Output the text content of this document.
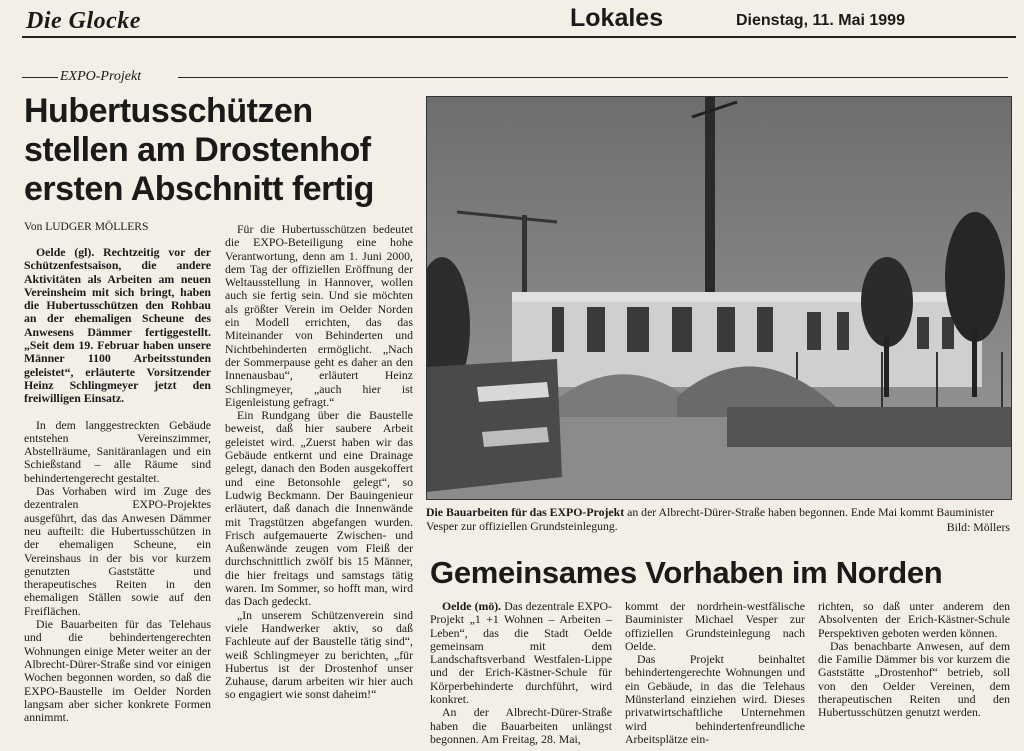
Die Glocke	Lokales	Dienstag, 11. Mai 1999
EXPO-Projekt
Hubertusschützen stellen am Drostenhof ersten Abschnitt fertig
Von LUDGER MÖLLERS

Oelde (gl). Rechtzeitig vor der Schützenfestsaison, die andere Aktivitäten als Arbeiten am neuen Vereinsheim mit sich bringt, haben die Hubertusschützen den Rohbau an der ehemaligen Scheune des Anwesens Dämmer fertiggestellt. „Seit dem 19. Februar haben unsere Männer 1100 Arbeitsstunden geleistet“, erläuterte Vorsitzender Heinz Schlingmeyer jetzt den freiwilligen Einsatz.

In dem langgestreckten Gebäude entstehen Vereinszimmer, Abstellräume, Sanitäranlagen und ein Schießstand – alle Räume sind behindertengerecht gestaltet.

Das Vorhaben wird im Zuge des dezentralen EXPO-Projektes ausgeführt, das das Anwesen Dämmer neu aufteilt: die Hubertusschützen in der ehemaligen Scheune, ein Vereinshaus in der bis vor kurzem genutzten Gaststätte und therapeutisches Reiten in den ehemaligen Ställen sowie auf den Freiflächen.

Die Bauarbeiten für das Telehaus und die behindertengerechten Wohnungen einige Meter weiter an der Albrecht-Dürer-Straße sind vor einigen Wochen begonnen worden, so daß die EXPO-Baustelle im Oelder Norden langsam aber sicher konkrete Formen annimmt.

Für die Hubertusschützen bedeutet die EXPO-Beteiligung eine hohe Verantwortung, denn am 1. Juni 2000, dem Tag der offiziellen Eröffnung der Weltausstellung in Hannover, wollen auch sie fertig sein. Und sie möchten als größter Verein im Oelder Norden ein Modell errichten, das das Miteinander von Behinderten und Nichtbehinderten ermöglicht. „Nach der Sommerpause geht es daher an den Innenausbau“, erläutert Heinz Schlingmeyer, „auch hier ist Eigenleistung gefragt.“

Ein Rundgang über die Baustelle beweist, daß hier saubere Arbeit geleistet wird. „Zuerst haben wir das Gebäude entkernt und eine Drainage gelegt, danach den Boden ausgekoffert und eine Betonsohle gelegt“, so Ludwig Beckmann. Der Bauingenieur erläutert, daß danach die Innenwände mit Tragstützen abgefangen wurden. Frisch aufgemauerte Zwischen- und Außenwände zeugen vom Fleiß der durchschnittlich zwölf bis 15 Männer, die hier freitags und samstags tätig waren. Im Sommer, so hofft man, wird das Dach gedeckt.

„In unserem Schützenverein sind viele Handwerker aktiv, so daß Fachleute auf der Baustelle tätig sind“, weiß Schlingmeyer zu berichten, „für Hubertus ist der Drostenhof unser Zuhause, darum arbeiten wir hier auch so engagiert wie sonst daheim!“

Die Bauarbeiten für das EXPO-Projekt an der Albrecht-Dürer-Straße haben begonnen. Ende Mai kommt Bauminister Vesper zur offiziellen Grundsteinlegung.	Bild: Möllers
Gemeinsames Vorhaben im Norden

Oelde (mö). Das dezentrale EXPO-Projekt „1 +1 Wohnen – Arbeiten – Leben“, das die Stadt Oelde gemeinsam mit dem Landschaftsverband Westfalen-Lippe und der Erich-Kästner-Schule für Körperbehinderte durchführt, wird konkret.

An der Albrecht-Dürer-Straße haben die Bauarbeiten unlängst begonnen. Am Freitag, 28. Mai,

kommt der nordrhein-westfälische Bauminister Michael Vesper zur offiziellen Grundsteinlegung nach Oelde.

Das Projekt beinhaltet behindertengerechte Wohnungen und ein Gebäude, in das die Telehaus Münsterland einziehen wird. Dieses privatwirtschaftliche Unternehmen wird behindertenfreundliche Arbeitsplätze ein-

richten, so daß unter anderem den Absolventen der Erich-Kästner-Schule Perspektiven geboten werden können.

Das benachbarte Anwesen, auf dem die Familie Dämmer bis vor kurzem die Gaststätte „Drostenhof“ betrieb, soll von den Oelder Vereinen, dem therapeutischen Reiten und den Hubertusschützen genutzt werden.
